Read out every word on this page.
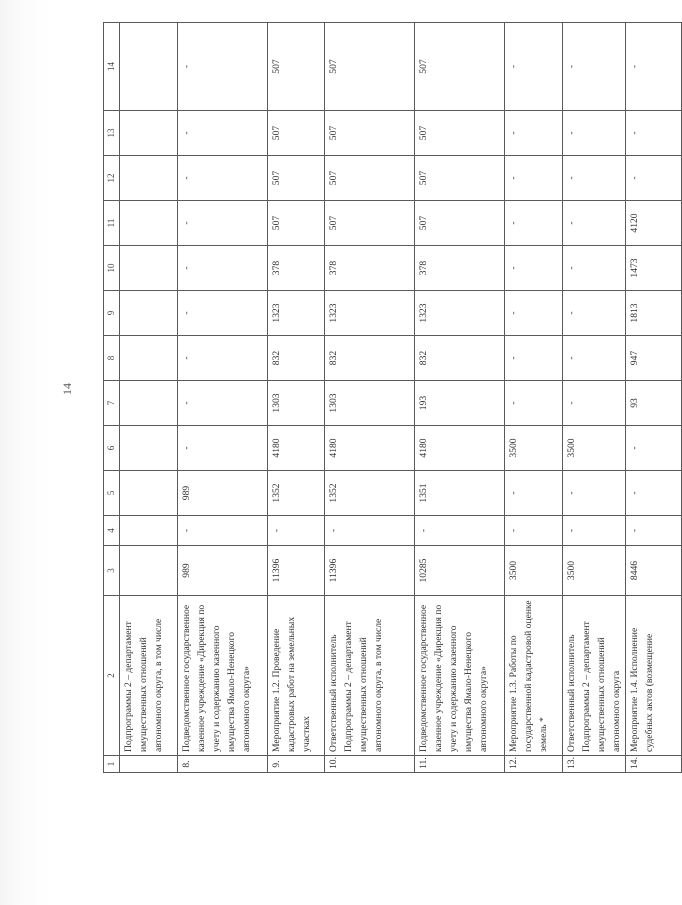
14
1	2	3	4	5	6	7	8	9	10	11	12	13	14
	Подпрограммы 2 – департамент имущественных отношений автономного округа, в том числе												
8.	Подведомственное государственное казенное учреждение «Дирекция по учету и содержанию казенного имущества Ямало-Ненецкого автономного округа»	989	-	989	-	-	-	-	-	-	-	-	-
9.	Мероприятие 1.2. Проведение кадастровых работ на земельных участках	11396	-	1352	4180	1303	832	1323	378	507	507	507	507
10.	Ответственный исполнитель Подпрограммы 2 – департамент имущественных отношений автономного округа, в том числе	11396	-	1352	4180	1303	832	1323	378	507	507	507	507
11.	Подведомственное государственное казенное учреждение «Дирекция по учету и содержанию казенного имущества Ямало-Ненецкого автономного округа»	10285	-	1351	4180	193	832	1323	378	507	507	507	507
12.	Мероприятие 1.3. Работы по государственной кадастровой оценке земель *	3500	-	-	3500	-	-	-	-	-	-	-	-
13.	Ответственный исполнитель Подпрограммы 2 – департамент имущественных отношений автономного округа	3500	-	-	3500	-	-	-	-	-	-	-	-
14.	Мероприятие 1.4. Исполнение судебных актов (возмещение	8446	-	-	-	93	947	1813	1473	4120	-	-	-
